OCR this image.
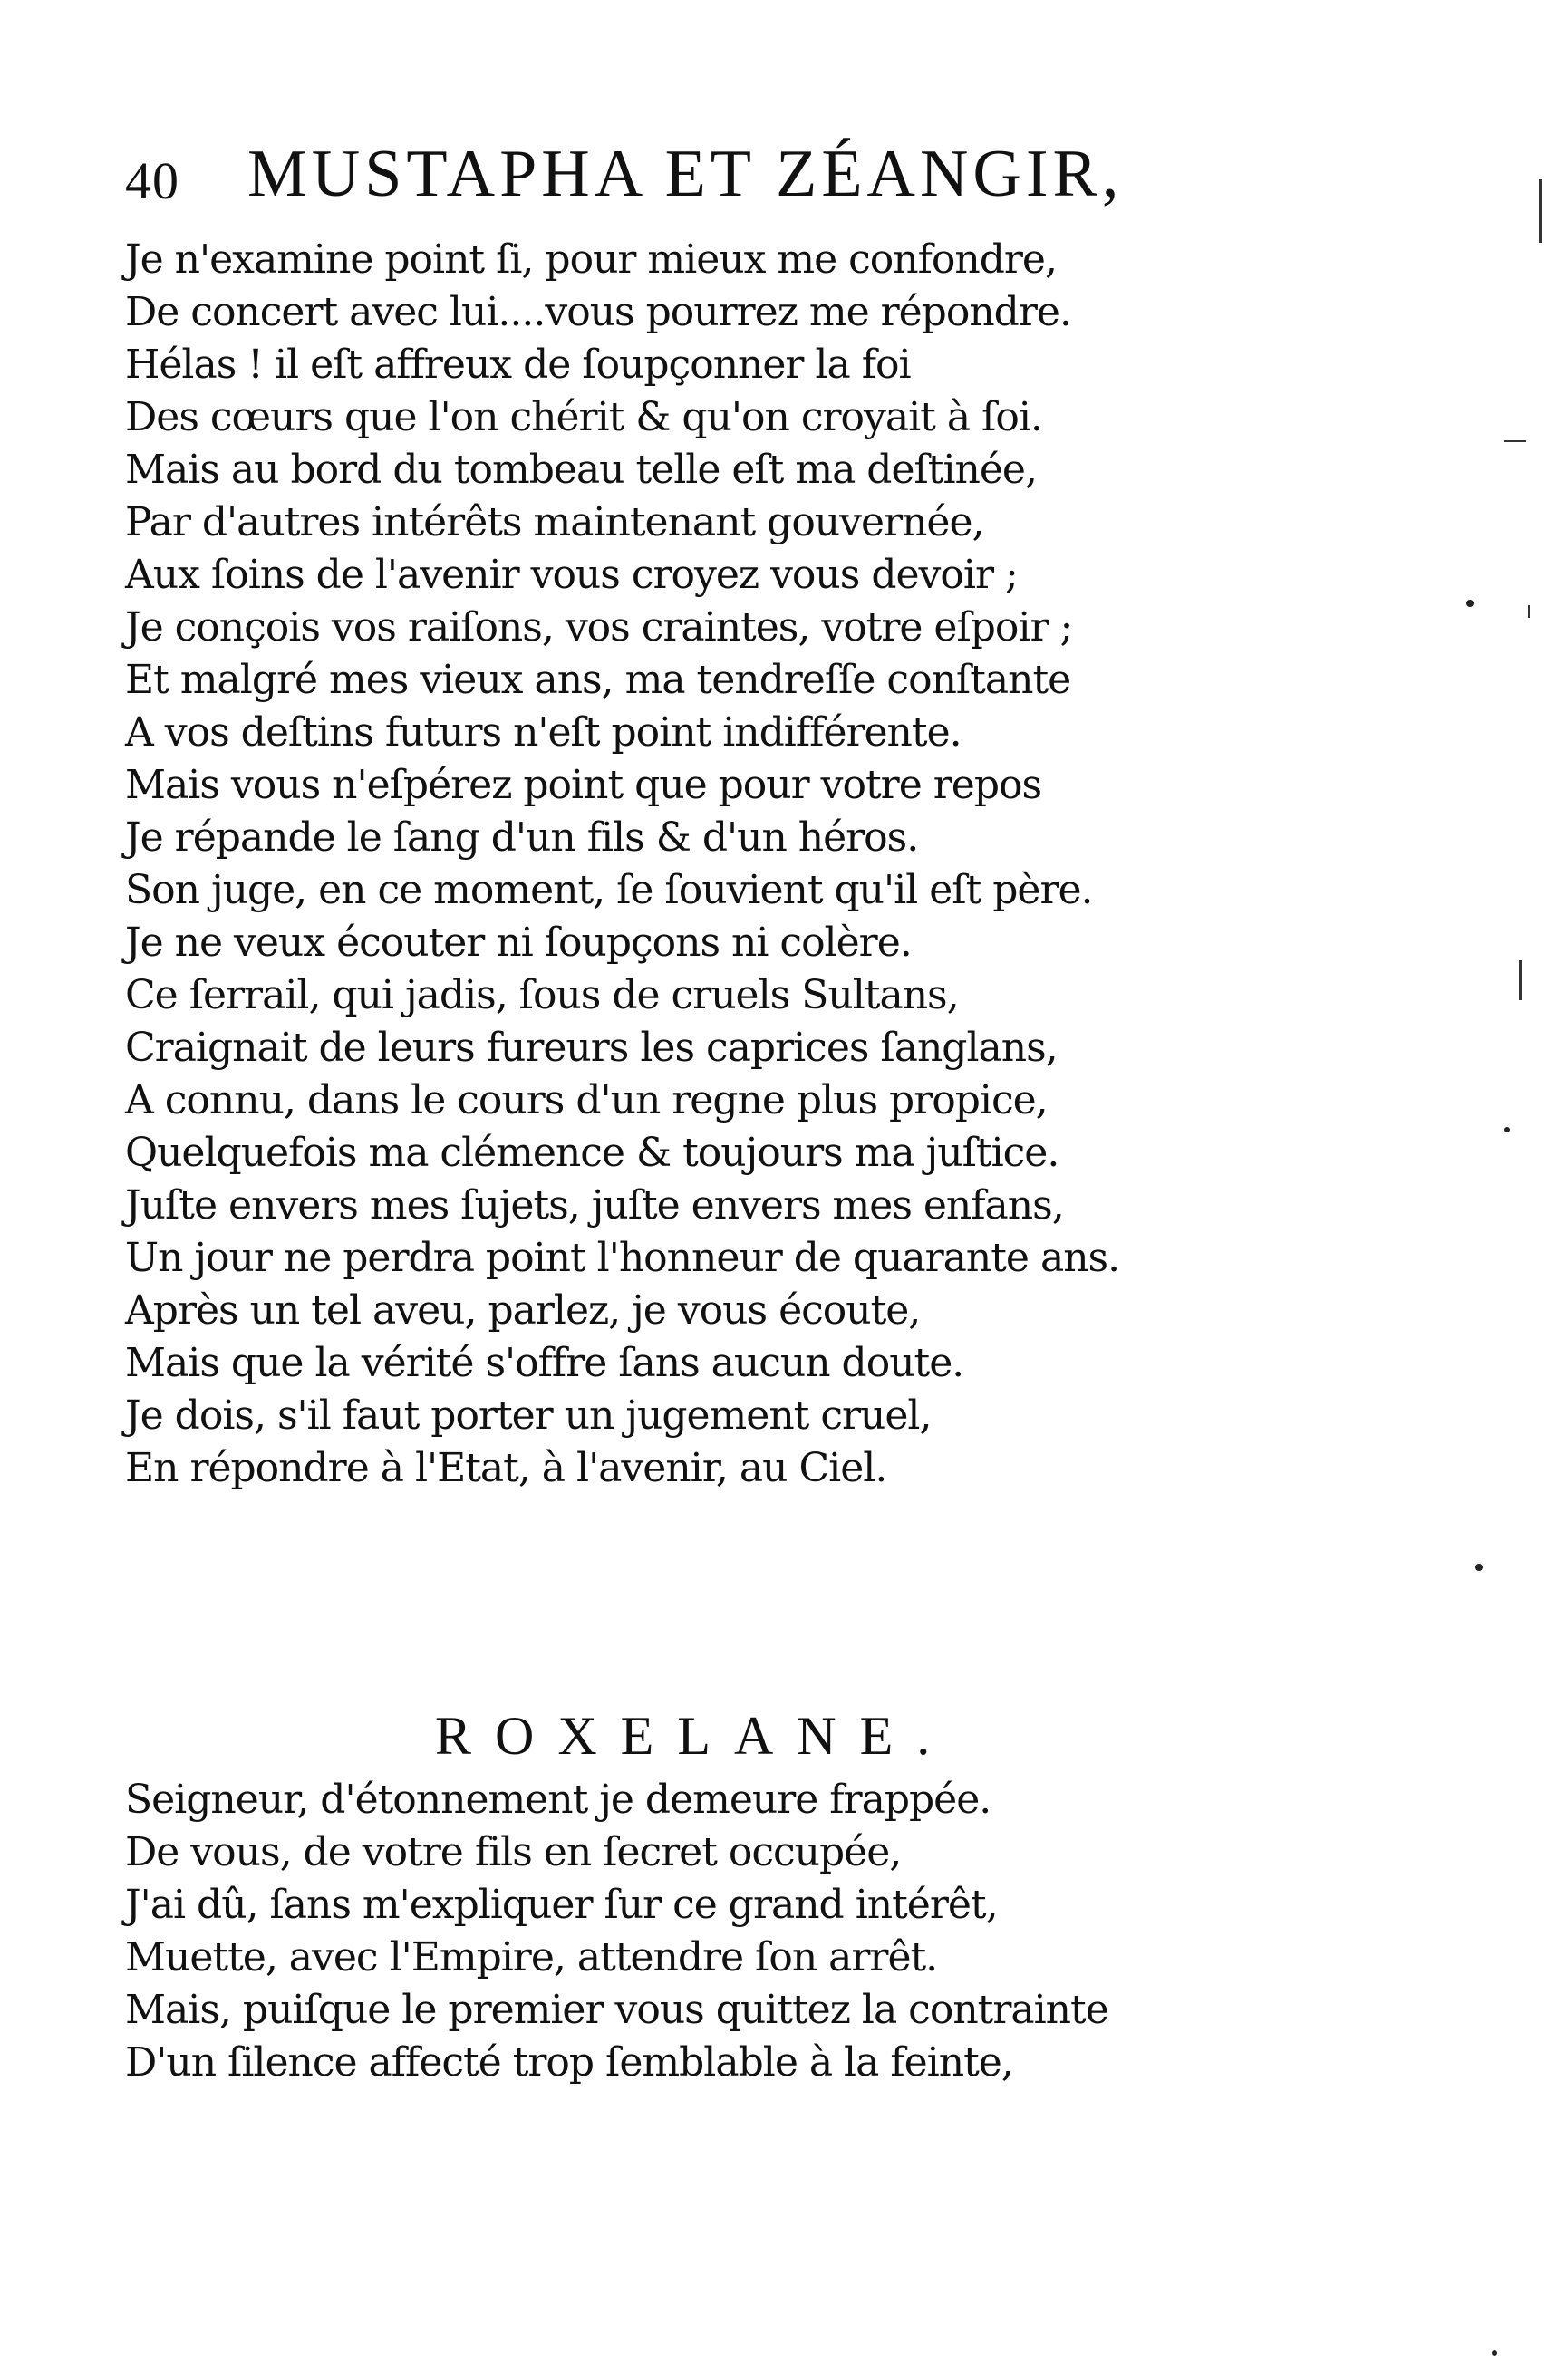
40 MUSTAPHA ET ZÉANGIR,
Je n'examine point ſi, pour mieux me confondre,
De concert avec lui....vous pourrez me répondre.
Hélas ! il eſt affreux de ſoupçonner la foi
Des cœurs que l'on chérit & qu'on croyait à ſoi.
Mais au bord du tombeau telle eſt ma deſtinée,
Par d'autres intérêts maintenant gouvernée,
Aux ſoins de l'avenir vous croyez vous devoir ;
Je conçois vos raiſons, vos craintes, votre eſpoir ;
Et malgré mes vieux ans, ma tendreſſe conſtante
A vos deſtins futurs n'eſt point indifférente.
Mais vous n'eſpérez point que pour votre repos
Je répande le ſang d'un fils & d'un héros.
Son juge, en ce moment, ſe ſouvient qu'il eſt père.
Je ne veux écouter ni ſoupçons ni colère.
Ce ſerrail, qui jadis, ſous de cruels Sultans,
Craignait de leurs fureurs les caprices ſanglans,
A connu, dans le cours d'un regne plus propice,
Quelquefois ma clémence & toujours ma juſtice.
Juſte envers mes ſujets, juſte envers mes enfans,
Un jour ne perdra point l'honneur de quarante ans.
Après un tel aveu, parlez, je vous écoute,
Mais que la vérité s'offre ſans aucun doute.
Je dois, s'il faut porter un jugement cruel,
En répondre à l'Etat, à l'avenir, au Ciel.
ROXELANE.
Seigneur, d'étonnement je demeure frappée.
De vous, de votre fils en ſecret occupée,
J'ai dû, ſans m'expliquer ſur ce grand intérêt,
Muette, avec l'Empire, attendre ſon arrêt.
Mais, puiſque le premier vous quittez la contrainte
D'un ſilence affecté trop ſemblable à la feinte,
